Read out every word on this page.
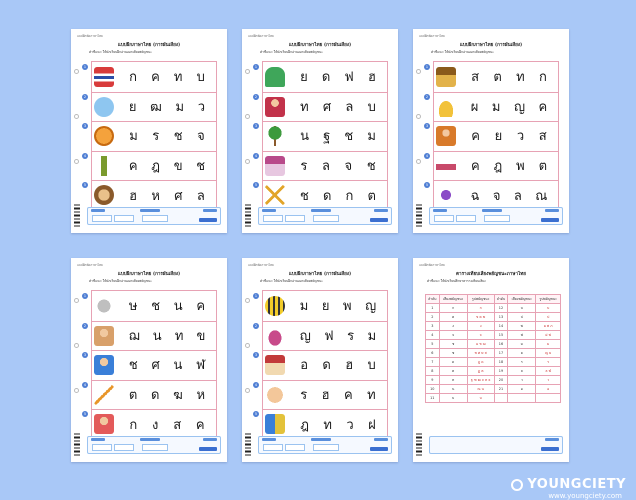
แบบฝึกหัดภาษาไทย
แบบฝึกภาษาไทย (การผันเสียง)
คำชี้แจง: ให้นักเรียนฝึกอ่านออกเสียงพยัญชนะ
1
ก ค ท บ
2
ย ฒ ม ว
3
ม ร ช จ
4
ค ฎ ข ช
5
ฮ ห ศ ล
แบบฝึกหัดภาษาไทย
แบบฝึกภาษาไทย (การผันเสียง)
คำชี้แจง: ให้นักเรียนฝึกอ่านออกเสียงพยัญชนะ
1
ย ด ฟ ฮ
2
ท ศ ล บ
3
น ฐ ช ม
4
ร ล จ ช
5
ช ด ก ต
แบบฝึกหัดภาษาไทย
แบบฝึกภาษาไทย (การผันเสียง)
คำชี้แจง: ให้นักเรียนฝึกอ่านออกเสียงพยัญชนะ
1
ส ต ท ก
2
ผ ม ญ ค
3
ค ย ว ส
4
ค ฎ พ ต
5
ฉ จ ล ณ
แบบฝึกหัดภาษาไทย
แบบฝึกภาษาไทย (การผันเสียง)
คำชี้แจง: ให้นักเรียนฝึกอ่านออกเสียงพยัญชนะ
1
ษ ช น ค
2
ฌ น ท ข
3
ช ศ น ฬ
4
ต ด ฆ ห
5
ก ง ส ค
แบบฝึกหัดภาษาไทย
แบบฝึกภาษาไทย (การผันเสียง)
คำชี้แจง: ให้นักเรียนฝึกอ่านออกเสียงพยัญชนะ
1
ม ย พ ญ
2
ญ ฟ ร ม
3
อ ด ฮ บ
4
ร ฮ ค ท
5
ฎ ท ว ฝ
แบบฝึกหัดภาษาไทย
ตารางเทียบเสียงพยัญชนะภาษาไทย
คำชี้แจง: ให้นักเรียนศึกษาตารางเทียบเสียง
ลำดับ	เสียงพยัญชนะ	รูปพยัญชนะ	ลำดับ	เสียงพยัญชนะ	รูปพยัญชนะ
1	ก	ก	12	บ	บ
2	ค	ข ค ฆ	13	ป	ป
3	ง	ง	14	พ	ผ พ ภ
4	จ	จ	15	ฟ	ฝ ฟ
5	ช	ฉ ช ฌ	16	ม	ม
6	ซ	ซ ศ ษ ส	17	ย	ญ ย
7	ด	ฎ ด	18	ร	ร
8	ต	ฏ ต	19	ล	ล ฬ
9	ท	ฐ ฑ ฒ ถ ท ธ	20	ว	ว
10	น	ณ น	21	อ	อ
11	บ	บ			
YOUNGCIETY
www.youngciety.com
